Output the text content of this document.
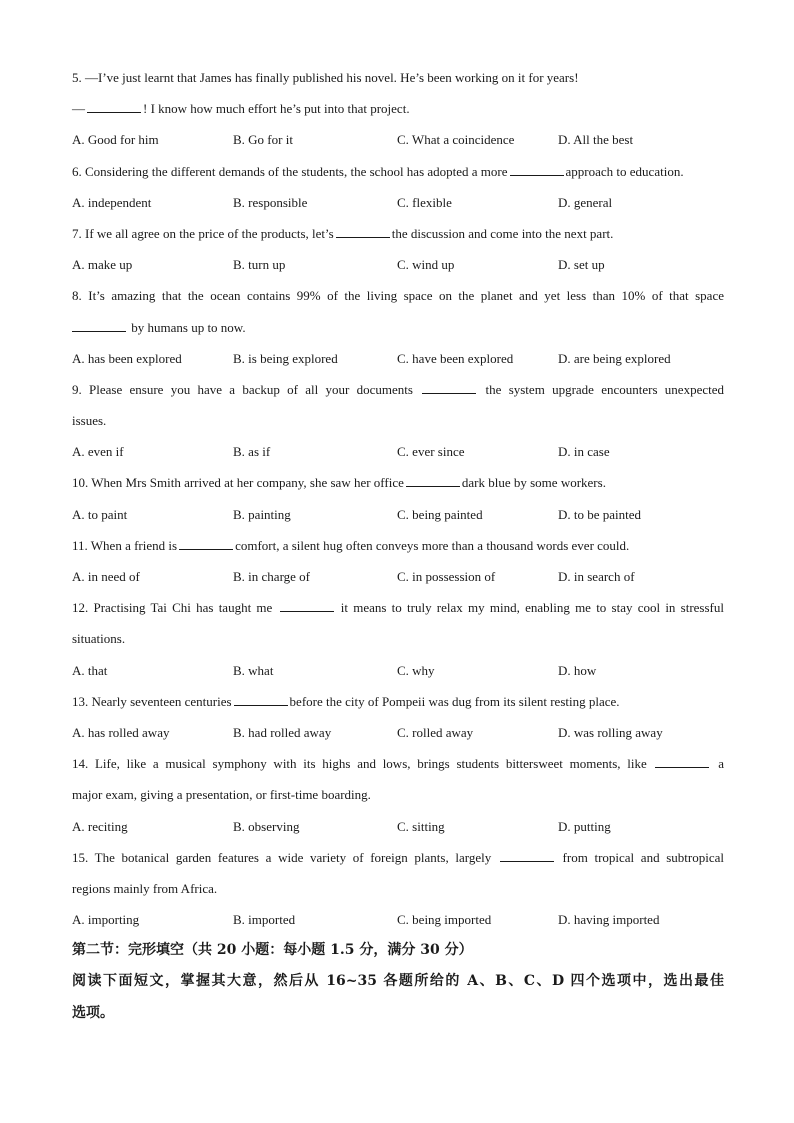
5. —I’ve just learnt that James has finally published his novel. He’s been working on it for years!
—	! I know how much effort he’s put into that project.
A. Good for him	B. Go for it	C. What a coincidence	D. All the best
6. Considering the different demands of the students, the school has adopted a more	approach to education.
A. independent	B. responsible	C. flexible	D. general
7. If we all agree on the price of the products, let’s	the discussion and come into the next part.
A. make up	B. turn up	C. wind up	D. set up
8. It’s amazing that the ocean contains 99% of the living space on the planet and yet less than 10% of that space
by humans up to now.
A. has been explored	B. is being explored	C. have been explored	D. are being explored
9. Please ensure you have a backup of all your documents	the system upgrade encounters unexpected
issues.
A. even if	B. as if	C. ever since	D. in case
10. When Mrs Smith arrived at her company, she saw her office	dark blue by some workers.
A. to paint	B. painting	C. being painted	D. to be painted
11. When a friend is	comfort, a silent hug often conveys more than a thousand words ever could.
A. in need of	B. in charge of	C. in possession of	D. in search of
12. Practising Tai Chi has taught me	it means to truly relax my mind, enabling me to stay cool in stressful
situations.
A. that	B. what	C. why	D. how
13. Nearly seventeen centuries	before the city of Pompeii was dug from its silent resting place.
A. has rolled away	B. had rolled away	C. rolled away	D. was rolling away
14. Life, like a musical symphony with its highs and lows, brings students bittersweet moments, like	a
major exam, giving a presentation, or first-time boarding.
A. reciting	B. observing	C. sitting	D. putting
15. The botanical garden features a wide variety of foreign plants, largely	from tropical and subtropical
regions mainly from Africa.
A. importing	B. imported	C. being imported	D. having imported
第二节：完形填空（共 20 小题：每小题 1.5 分，满分 30 分）
阅读下面短文，掌握其大意，然后从 16~35 各题所给的 A、B、C、D 四个选项中，选出最佳
选项。
